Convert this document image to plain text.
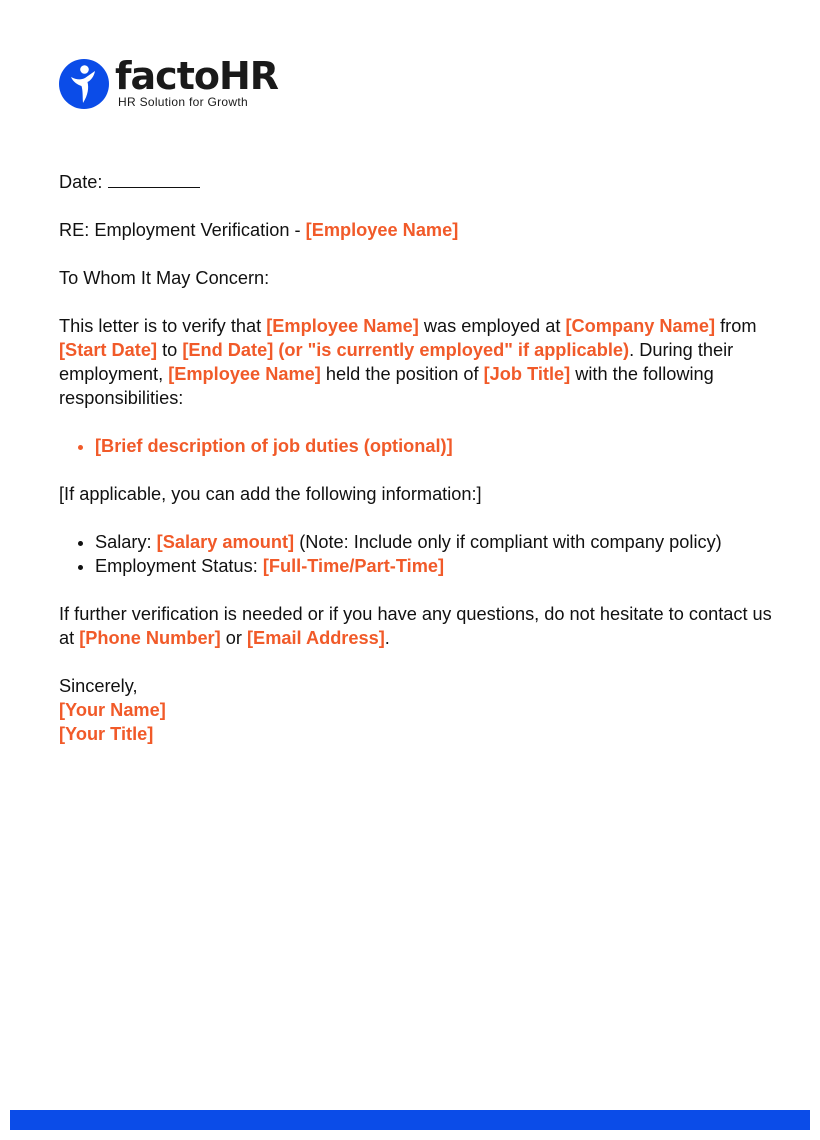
factoHR
HR Solution for Growth

Date:

RE: Employment Verification - [Employee Name]

To Whom It May Concern:

This letter is to verify that [Employee Name] was employed at [Company Name] from [Start Date] to [End Date] (or "is currently employed" if applicable). During their employment, [Employee Name] held the position of [Job Title] with the following responsibilities:

• [Brief description of job duties (optional)]

[If applicable, you can add the following information:]

• Salary: [Salary amount] (Note: Include only if compliant with company policy)
• Employment Status: [Full-Time/Part-Time]

If further verification is needed or if you have any questions, do not hesitate to contact us at [Phone Number] or [Email Address].

Sincerely,

[Your Name]

[Your Title]
